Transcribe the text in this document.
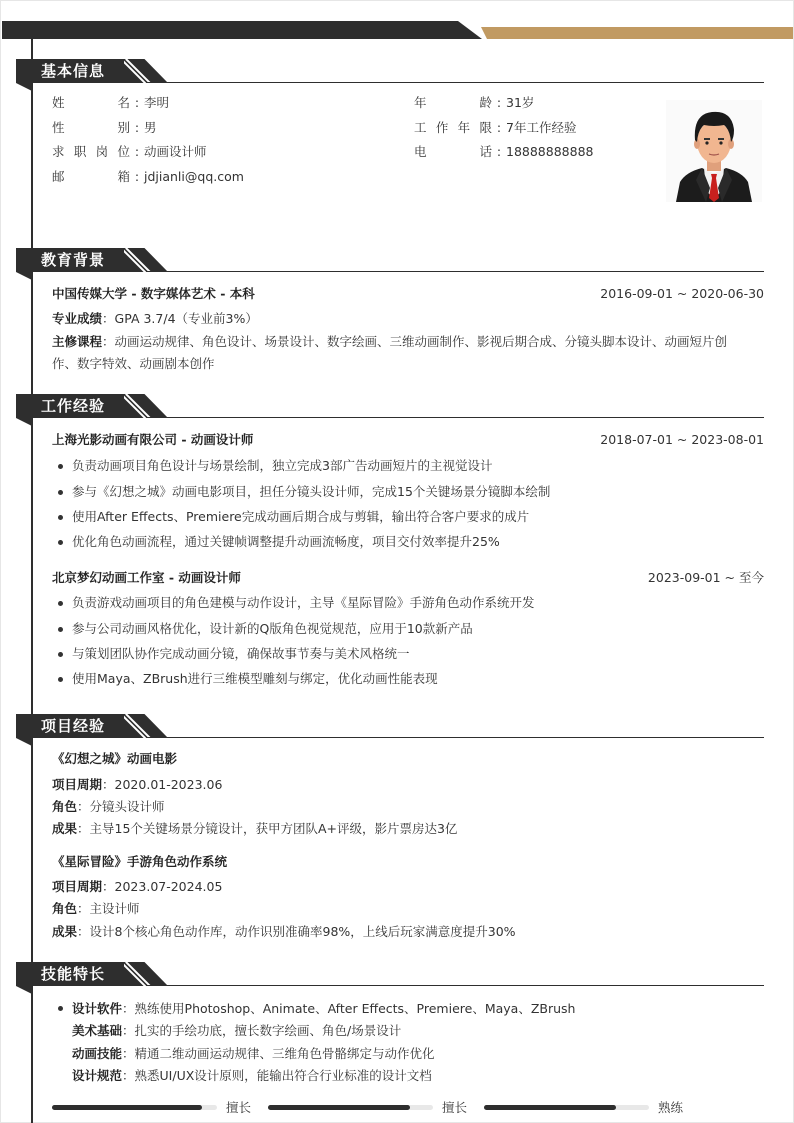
基本信息
姓名 : 李明
性别 : 男
求职岗位 : 动画设计师
邮箱 : jdjianli@qq.com
年龄 : 31岁
工作年限 : 7年工作经验
电话 : 18888888888
教育背景
中国传媒大学 - 数字媒体艺术 - 本科	2016-09-01 ~ 2020-06-30
专业成绩：GPA 3.7/4（专业前3%）
主修课程：动画运动规律、角色设计、场景设计、数字绘画、三维动画制作、影视后期合成、分镜头脚本设计、动画短片创作、数字特效、动画剧本创作
工作经验
上海光影动画有限公司 - 动画设计师	2018-07-01 ~ 2023-08-01
负责动画项目角色设计与场景绘制，独立完成3部广告动画短片的主视觉设计
参与《幻想之城》动画电影项目，担任分镜头设计师，完成15个关键场景分镜脚本绘制
使用After Effects、Premiere完成动画后期合成与剪辑，输出符合客户要求的成片
优化角色动画流程，通过关键帧调整提升动画流畅度，项目交付效率提升25%
北京梦幻动画工作室 - 动画设计师	2023-09-01 ~ 至今
负责游戏动画项目的角色建模与动作设计，主导《星际冒险》手游角色动作系统开发
参与公司动画风格优化，设计新的Q版角色视觉规范，应用于10款新产品
与策划团队协作完成动画分镜，确保故事节奏与美术风格统一
使用Maya、ZBrush进行三维模型雕刻与绑定，优化动画性能表现
项目经验
《幻想之城》动画电影
项目周期：2020.01-2023.06
角色：分镜头设计师
成果：主导15个关键场景分镜设计，获甲方团队A+评级，影片票房达3亿
《星际冒险》手游角色动作系统
项目周期：2023.07-2024.05
角色：主设计师
成果：设计8个核心角色动作库，动作识别准确率98%，上线后玩家满意度提升30%
技能特长
设计软件：熟练使用Photoshop、Animate、After Effects、Premiere、Maya、ZBrush
美术基础：扎实的手绘功底，擅长数字绘画、角色/场景设计
动画技能：精通二维动画运动规律、三维角色骨骼绑定与动作优化
设计规范：熟悉UI/UX设计原则，能输出符合行业标准的设计文档
擅长	擅长	熟练
